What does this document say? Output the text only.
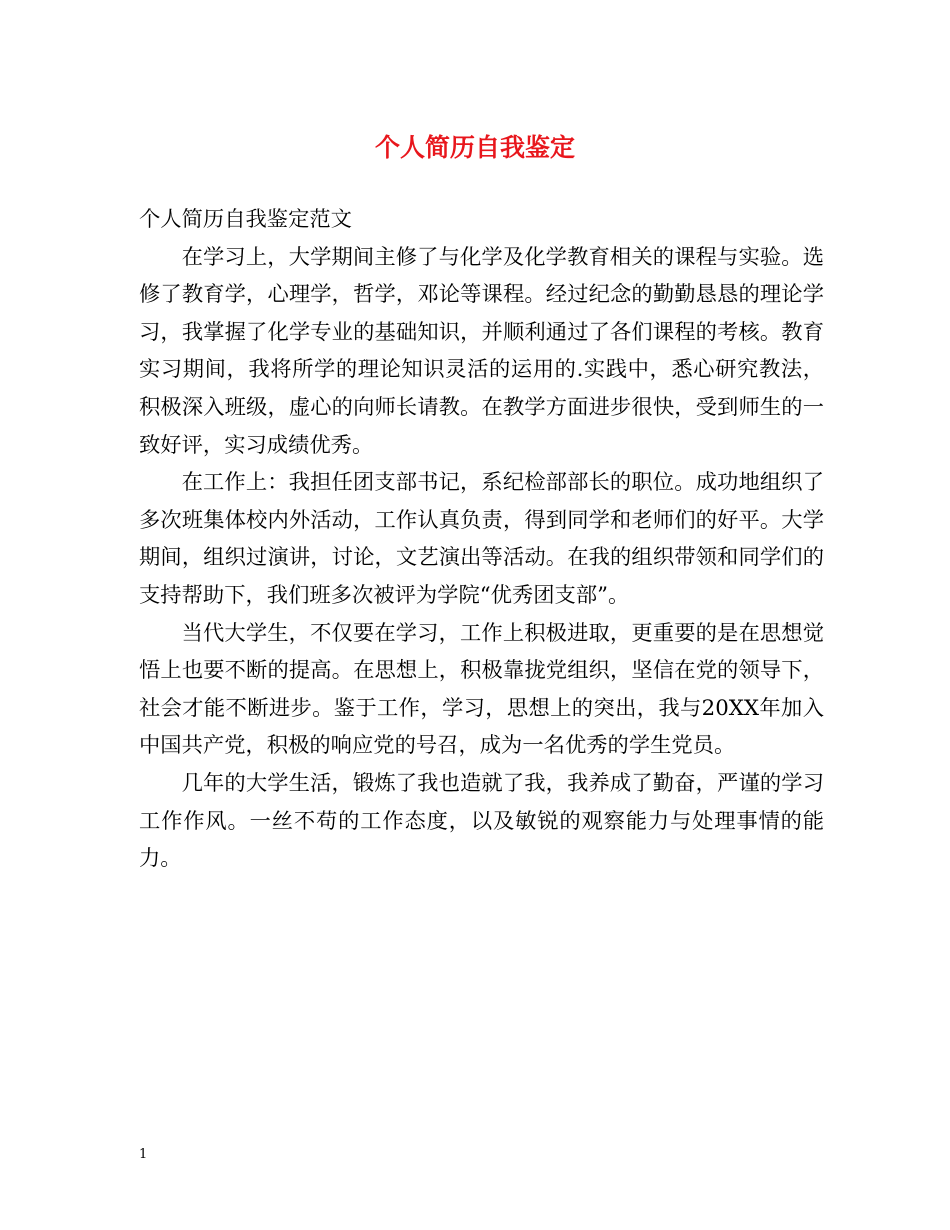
个人简历自我鉴定

个人简历自我鉴定范文

在学习上，大学期间主修了与化学及化学教育相关的课程与实验。选修了教育学，心理学，哲学，邓论等课程。经过纪念的勤勤恳恳的理论学习，我掌握了化学专业的基础知识，并顺利通过了各们课程的考核。教育实习期间，我将所学的理论知识灵活的运用的.实践中，悉心研究教法，积极深入班级，虚心的向师长请教。在教学方面进步很快，受到师生的一致好评，实习成绩优秀。

在工作上：我担任团支部书记，系纪检部部长的职位。成功地组织了多次班集体校内外活动，工作认真负责，得到同学和老师们的好平。大学期间，组织过演讲，讨论，文艺演出等活动。在我的组织带领和同学们的支持帮助下，我们班多次被评为学院“优秀团支部”。

当代大学生，不仅要在学习，工作上积极进取，更重要的是在思想觉悟上也要不断的提高。在思想上，积极靠拢党组织，坚信在党的领导下，社会才能不断进步。鉴于工作，学习，思想上的突出，我与20XX年加入中国共产党，积极的响应党的号召，成为一名优秀的学生党员。

几年的大学生活，锻炼了我也造就了我，我养成了勤奋，严谨的学习工作作风。一丝不苟的工作态度，以及敏锐的观察能力与处理事情的能力。

1
